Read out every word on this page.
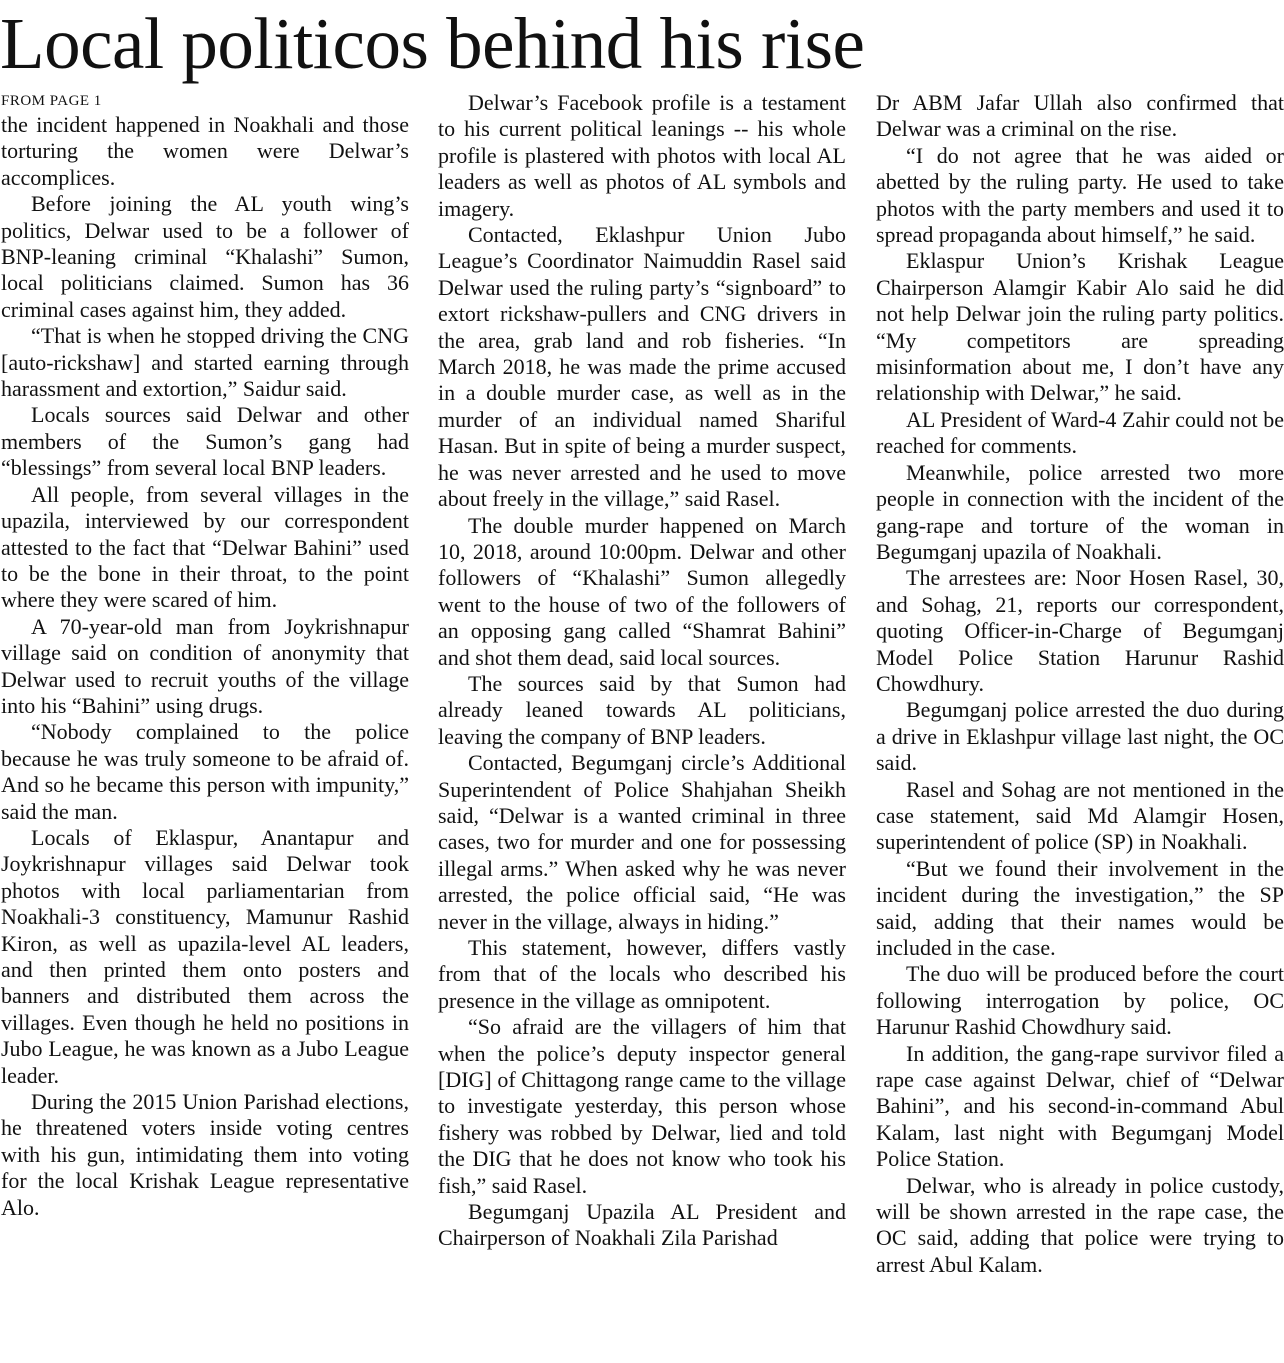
Local politicos behind his rise
FROM PAGE 1

the incident happened in Noakhali and those torturing the women were Delwar’s accomplices.

Before joining the AL youth wing’s politics, Delwar used to be a follower of BNP-leaning criminal “Khalashi” Sumon, local politicians claimed. Sumon has 36 criminal cases against him, they added.

“That is when he stopped driving the CNG [auto-rickshaw] and started earning through harassment and extortion,” Saidur said.

Locals sources said Delwar and other members of the Sumon’s gang had “blessings” from several local BNP leaders.

All people, from several villages in the upazila, interviewed by our correspondent attested to the fact that “Delwar Bahini” used to be the bone in their throat, to the point where they were scared of him.

A 70-year-old man from Joykrishnapur village said on condition of anonymity that Delwar used to recruit youths of the village into his “Bahini” using drugs.

“Nobody complained to the police because he was truly someone to be afraid of. And so he became this person with impunity,” said the man.

Locals of Eklaspur, Anantapur and Joykrishnapur villages said Delwar took photos with local parliamentarian from Noakhali-3 constituency, Mamunur Rashid Kiron, as well as upazila-level AL leaders, and then printed them onto posters and banners and distributed them across the villages. Even though he held no positions in Jubo League, he was known as a Jubo League leader.

During the 2015 Union Parishad elections, he threatened voters inside voting centres with his gun, intimidating them into voting for the local Krishak League representative Alo.

Delwar’s Facebook profile is a testament to his current political leanings -- his whole profile is plastered with photos with local AL leaders as well as photos of AL symbols and imagery.

Contacted, Eklashpur Union Jubo League’s Coordinator Naimuddin Rasel said Delwar used the ruling party’s “signboard” to extort rickshaw-pullers and CNG drivers in the area, grab land and rob fisheries. “In March 2018, he was made the prime accused in a double murder case, as well as in the murder of an individual named Shariful Hasan. But in spite of being a murder suspect, he was never arrested and he used to move about freely in the village,” said Rasel.

The double murder happened on March 10, 2018, around 10:00pm. Delwar and other followers of “Khalashi” Sumon allegedly went to the house of two of the followers of an opposing gang called “Shamrat Bahini” and shot them dead, said local sources.

The sources said by that Sumon had already leaned towards AL politicians, leaving the company of BNP leaders.

Contacted, Begumganj circle’s Additional Superintendent of Police Shahjahan Sheikh said, “Delwar is a wanted criminal in three cases, two for murder and one for possessing illegal arms.” When asked why he was never arrested, the police official said, “He was never in the village, always in hiding.”

This statement, however, differs vastly from that of the locals who described his presence in the village as omnipotent.

“So afraid are the villagers of him that when the police’s deputy inspector general [DIG] of Chittagong range came to the village to investigate yesterday, this person whose fishery was robbed by Delwar, lied and told the DIG that he does not know who took his fish,” said Rasel.

Begumganj Upazila AL President and Chairperson of Noakhali Zila Parishad

Dr ABM Jafar Ullah also confirmed that Delwar was a criminal on the rise.

“I do not agree that he was aided or abetted by the ruling party. He used to take photos with the party members and used it to spread propaganda about himself,” he said.

Eklaspur Union’s Krishak League Chairperson Alamgir Kabir Alo said he did not help Delwar join the ruling party politics. “My competitors are spreading misinformation about me, I don’t have any relationship with Delwar,” he said.

AL President of Ward-4 Zahir could not be reached for comments.

Meanwhile, police arrested two more people in connection with the incident of the gang-rape and torture of the woman in Begumganj upazila of Noakhali.

The arrestees are: Noor Hosen Rasel, 30, and Sohag, 21, reports our correspondent, quoting Officer-in-Charge of Begumganj Model Police Station Harunur Rashid Chowdhury.

Begumganj police arrested the duo during a drive in Eklashpur village last night, the OC said.

Rasel and Sohag are not mentioned in the case statement, said Md Alamgir Hosen, superintendent of police (SP) in Noakhali.

“But we found their involvement in the incident during the investigation,” the SP said, adding that their names would be included in the case.

The duo will be produced before the court following interrogation by police, OC Harunur Rashid Chowdhury said.

In addition, the gang-rape survivor filed a rape case against Delwar, chief of “Delwar Bahini”, and his second-in-command Abul Kalam, last night with Begumganj Model Police Station.

Delwar, who is already in police custody, will be shown arrested in the rape case, the OC said, adding that police were trying to arrest Abul Kalam.
